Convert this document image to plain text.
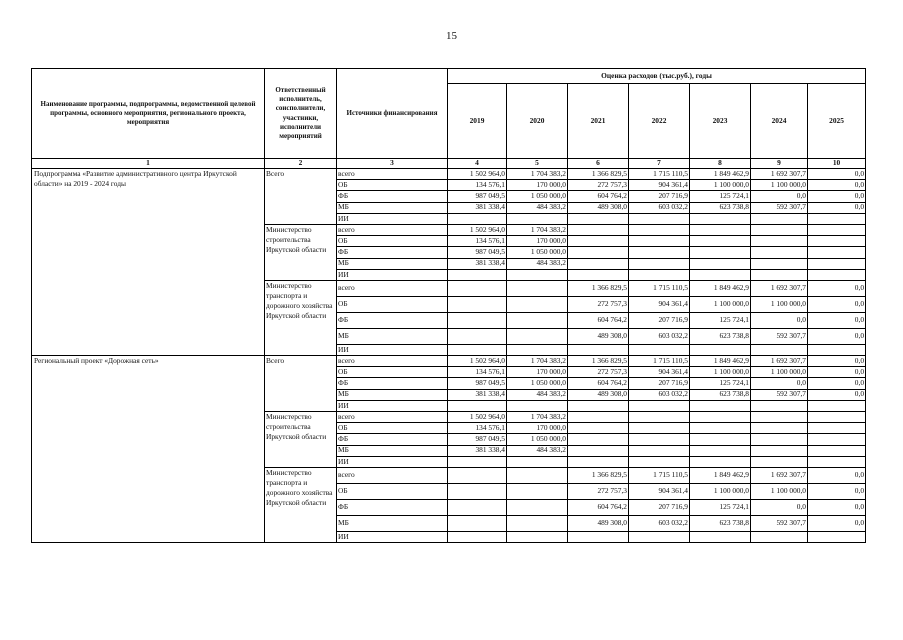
15
Наименование программы, подпрограммы, ведомственной целевой программы, основного мероприятия, регионального проекта, мероприятия	Ответственный исполнитель, соисполнители, участники, исполнители мероприятий	Источники финансирования	Оценка расходов (тыс.руб.), годы						
			2019	2020	2021	2022	2023	2024	2025
1	2	3	4	5	6	7	8	9	10
Подпрограмма «Развитие административного центра Иркутской области» на 2019 - 2024 годы	Всего	всего	1 502 964,0	1 704 383,2	1 366 829,5	1 715 110,5	1 849 462,9	1 692 307,7	0,0
		ОБ	134 576,1	170 000,0	272 757,3	904 361,4	1 100 000,0	1 100 000,0	0,0
		ФБ	987 049,5	1 050 000,0	604 764,2	207 716,9	125 724,1	0,0	0,0
		МБ	381 338,4	484 383,2	489 308,0	603 032,2	623 738,8	592 307,7	0,0
		ИИ							
	Министерство строительства Иркутской области	всего	1 502 964,0	1 704 383,2					
		ОБ	134 576,1	170 000,0					
		ФБ	987 049,5	1 050 000,0					
		МБ	381 338,4	484 383,2					
		ИИ							
	Министерство транспорта и дорожного хозяйства Иркутской области	всего			1 366 829,5	1 715 110,5	1 849 462,9	1 692 307,7	0,0
		ОБ			272 757,3	904 361,4	1 100 000,0	1 100 000,0	0,0
		ФБ			604 764,2	207 716,9	125 724,1	0,0	0,0
		МБ			489 308,0	603 032,2	623 738,8	592 307,7	0,0
		ИИ							
Региональный проект «Дорожная сеть»	Всего	всего	1 502 964,0	1 704 383,2	1 366 829,5	1 715 110,5	1 849 462,9	1 692 307,7	0,0
		ОБ	134 576,1	170 000,0	272 757,3	904 361,4	1 100 000,0	1 100 000,0	0,0
		ФБ	987 049,5	1 050 000,0	604 764,2	207 716,9	125 724,1	0,0	0,0
		МБ	381 338,4	484 383,2	489 308,0	603 032,2	623 738,8	592 307,7	0,0
		ИИ							
	Министерство строительства Иркутской области	всего	1 502 964,0	1 704 383,2					
		ОБ	134 576,1	170 000,0					
		ФБ	987 049,5	1 050 000,0					
		МБ	381 338,4	484 383,2					
		ИИ							
	Министерство транспорта и дорожного хозяйства Иркутской области	всего			1 366 829,5	1 715 110,5	1 849 462,9	1 692 307,7	0,0
		ОБ			272 757,3	904 361,4	1 100 000,0	1 100 000,0	0,0
		ФБ			604 764,2	207 716,9	125 724,1	0,0	0,0
		МБ			489 308,0	603 032,2	623 738,8	592 307,7	0,0
		ИИ							
